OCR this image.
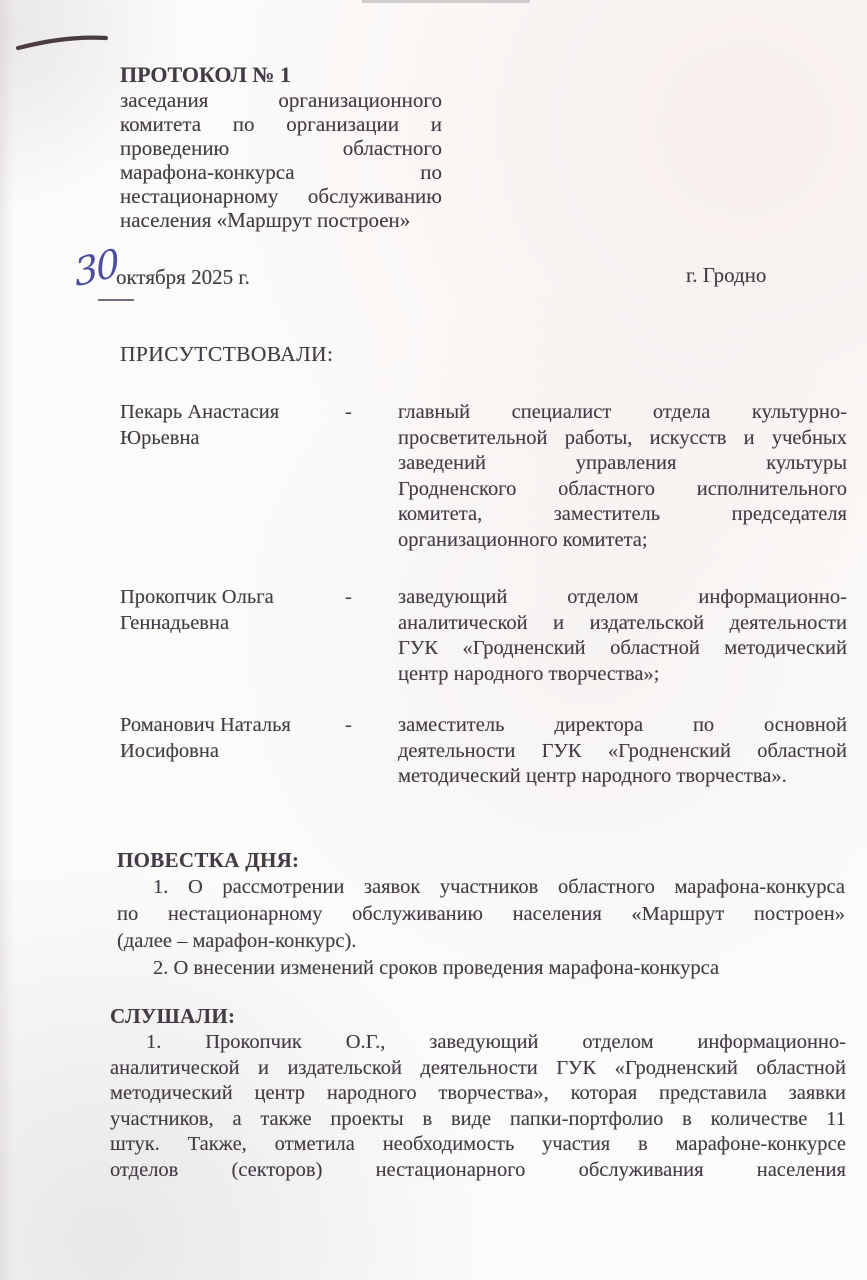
ПРОТОКОЛ № 1
заседания	организационного
комитета по организации и
проведению	областного
марафона-конкурса	по
нестационарному обслуживанию
населения «Маршрут построен»
30
октября 2025 г.	г. Гродно
ПРИСУТСТВОВАЛИ:
Пекарь Анастасия Юрьевна
-	главный специалист отдела культурно-
просветительной работы, искусств и учебных
заведений	управления	культуры
Гродненского областного исполнительного
комитета,	заместитель	председателя
организационного комитета;
Прокопчик Ольга Геннадьевна
-	заведующий	отделом	информационно-
аналитической и издательской деятельности
ГУК «Гродненский областной методический
центр народного творчества»;
Романович Наталья Иосифовна
-	заместитель директора по основной
деятельности ГУК «Гродненский областной
методический центр народного творчества».
ПОВЕСТКА ДНЯ:
1. О рассмотрении заявок участников областного марафона-конкурса
по нестационарному обслуживанию населения «Маршрут построен»
(далее – марафон-конкурс).
2. О внесении изменений сроков проведения марафона-конкурса
СЛУШАЛИ:
1. Прокопчик О.Г., заведующий отделом информационно-
аналитической и издательской деятельности ГУК «Гродненский областной
методический центр народного творчества», которая представила заявки
участников, а также проекты в виде папки-портфолио в количестве 11
штук. Также, отметила необходимость участия в марафоне-конкурсе
отделов	(секторов)	нестационарного	обслуживания	населения
